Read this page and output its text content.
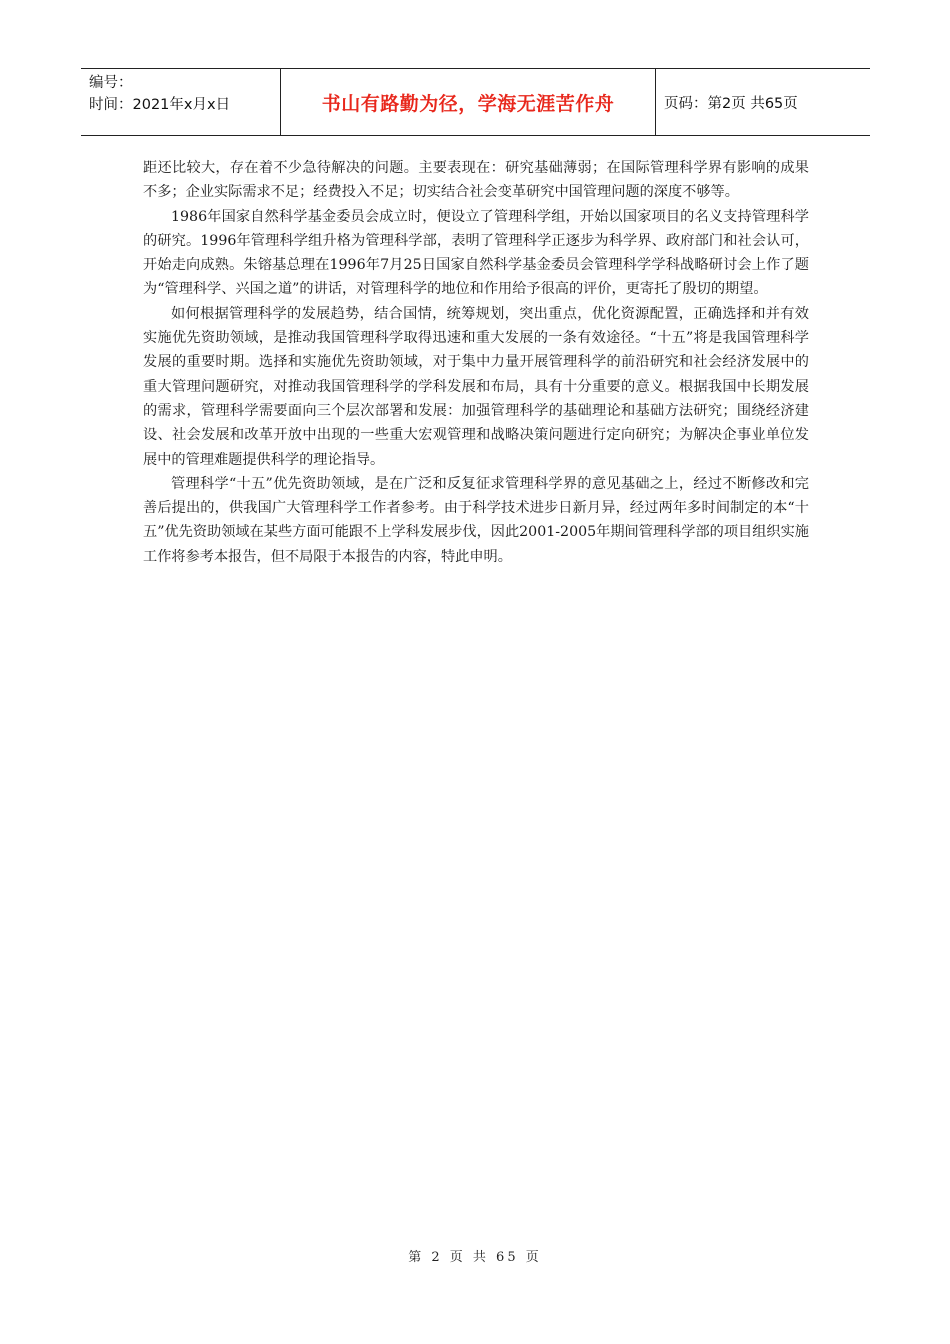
编号：
时间：2021年x月x日	书山有路勤为径，学海无涯苦作舟	页码：第2页 共65页

距还比较大，存在着不少急待解决的问题。主要表现在：研究基础薄弱；在国际管理科学界有影响的成果不多；企业实际需求不足；经费投入不足；切实结合社会变革研究中国管理问题的深度不够等。

1986年国家自然科学基金委员会成立时，便设立了管理科学组，开始以国家项目的名义支持管理科学的研究。1996年管理科学组升格为管理科学部，表明了管理科学正逐步为科学界、政府部门和社会认可，开始走向成熟。朱镕基总理在1996年7月25日国家自然科学基金委员会管理科学学科战略研讨会上作了题为“管理科学、兴国之道”的讲话，对管理科学的地位和作用给予很高的评价，更寄托了殷切的期望。

如何根据管理科学的发展趋势，结合国情，统筹规划，突出重点，优化资源配置，正确选择和并有效实施优先资助领域，是推动我国管理科学取得迅速和重大发展的一条有效途径。“十五”将是我国管理科学发展的重要时期。选择和实施优先资助领域，对于集中力量开展管理科学的前沿研究和社会经济发展中的重大管理问题研究，对推动我国管理科学的学科发展和布局，具有十分重要的意义。根据我国中长期发展的需求，管理科学需要面向三个层次部署和发展：加强管理科学的基础理论和基础方法研究；围绕经济建设、社会发展和改革开放中出现的一些重大宏观管理和战略决策问题进行定向研究；为解决企事业单位发展中的管理难题提供科学的理论指导。

管理科学“十五”优先资助领域，是在广泛和反复征求管理科学界的意见基础之上，经过不断修改和完善后提出的，供我国广大管理科学工作者参考。由于科学技术进步日新月异，经过两年多时间制定的本“十五”优先资助领域在某些方面可能跟不上学科发展步伐，因此2001-2005年期间管理科学部的项目组织实施工作将参考本报告，但不局限于本报告的内容，特此申明。

第 2 页 共 65 页
